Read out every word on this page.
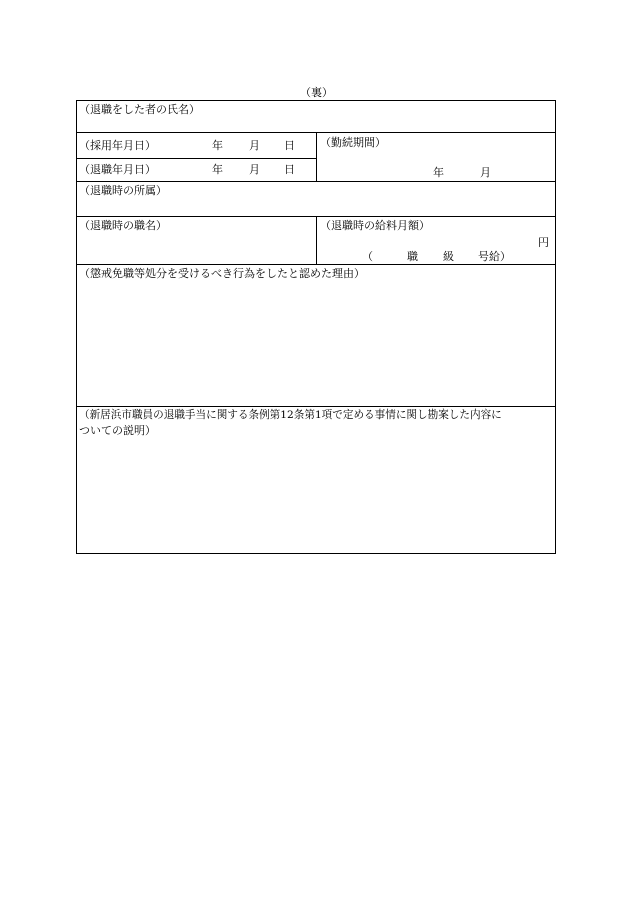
（裏）
（退職をした者の氏名）
（採用年月日）	年 月 日
（退職年月日）	年 月 日
（勤続期間）
年	月
（退職時の所属）
（退職時の職名）	（退職時の給料月額）
円
（	職 級 号給）
（懲戒免職等処分を受けるべき行為をしたと認めた理由）
（新居浜市職員の退職手当に関する条例第12条第1項で定める事情に関し勘案した内容に
ついての説明）
